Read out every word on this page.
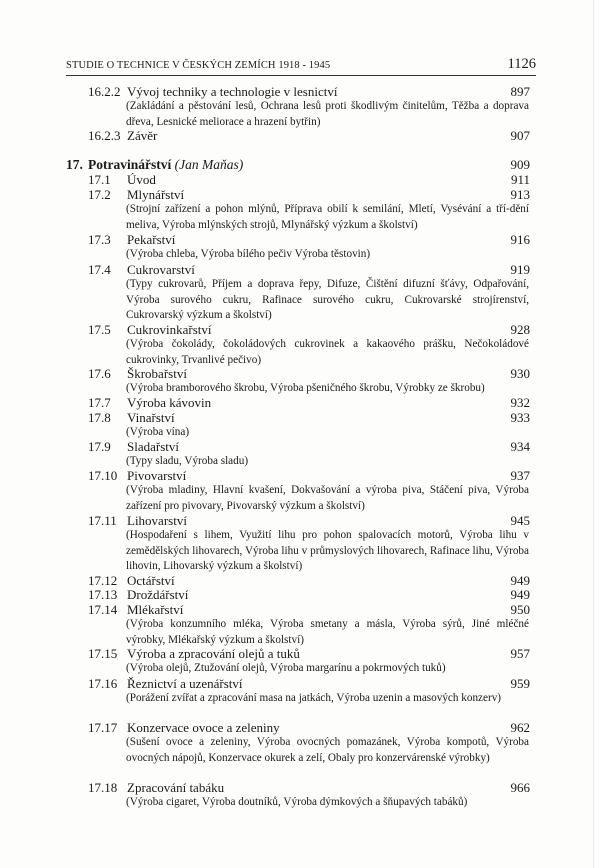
STUDIE O TECHNICE V ČESKÝCH ZEMÍCH 1918 - 1945	1126
16.2.2 Vývoj techniky a technologie v lesnictví	897
(Zakládání a pěstování lesů, Ochrana lesů proti škodlivým činitelům, Těžba a doprava dřeva, Lesnické meliorace a hrazení bytřin)
16.2.3 Závěr	907
17. Potravinářství (Jan Maňas)	909
17.1 Úvod	911
17.2 Mlynářství	913
(Strojní zařízení a pohon mlýnů, Příprava obilí k semilání, Mletí, Vysévání a tří-dění meliva, Výroba mlýnských strojů, Mlynářský výzkum a školství)
17.3 Pekařství	916
(Výroba chleba, Výroba bílého pečiv Výroba těstovin)
17.4 Cukrovarství	919
(Typy cukrovarů, Příjem a doprava řepy, Difuze, Čištění difuzní šťávy, Odpařování, Výroba surového cukru, Rafinace surového cukru, Cukrovarské strojírenství, Cukrovarský výzkum a školství)
17.5 Cukrovinkařství	928
(Výroba čokolády, čokoládových cukrovinek a kakaového prášku, Nečokoládové cukrovinky, Trvanlivé pečivo)
17.6 Škrobařství	930
(Výroba bramborového škrobu, Výroba pšeničného škrobu, Výrobky ze škrobu)
17.7 Výroba kávovin	932
17.8 Vinařství	933
(Výroba vína)
17.9 Sladařství	934
(Typy sladu, Výroba sladu)
17.10 Pivovarství	937
(Výroba mladiny, Hlavní kvašení, Dokvašování a výroba piva, Stáčení piva, Výroba zařízení pro pivovary, Pivovarský výzkum a školství)
17.11 Lihovarství	945
(Hospodaření s lihem, Využití lihu pro pohon spalovacích motorů, Výroba lihu v zemědělských lihovarech, Výroba lihu v průmyslových lihovarech, Rafinace lihu, Výroba lihovin, Lihovarský výzkum a školství)
17.12 Octářství	949
17.13 Droždářství	949
17.14 Mlékařství	950
(Výroba konzumního mléka, Výroba smetany a másla, Výroba sýrů, Jiné mléčné výrobky, Mlékařský výzkum a školství)
17.15 Výroba a zpracování olejů a tuků	957
(Výroba olejů, Ztužování olejů, Výroba margarínu a pokrmových tuků)
17.16 Řeznictví a uzenářství	959
(Porážení zvířat a zpracování masa na jatkách, Výroba uzenin a masových konzerv)
17.17 Konzervace ovoce a zeleniny	962
(Sušení ovoce a zeleniny, Výroba ovocných pomazánek, Výroba kompotů, Výroba ovocných nápojů, Konzervace okurek a zelí, Obaly pro konzervárenské výrobky)
17.18 Zpracování tabáku	966
(Výroba cigaret, Výroba doutníků, Výroba dýmkových a šňupavých tabáků)
